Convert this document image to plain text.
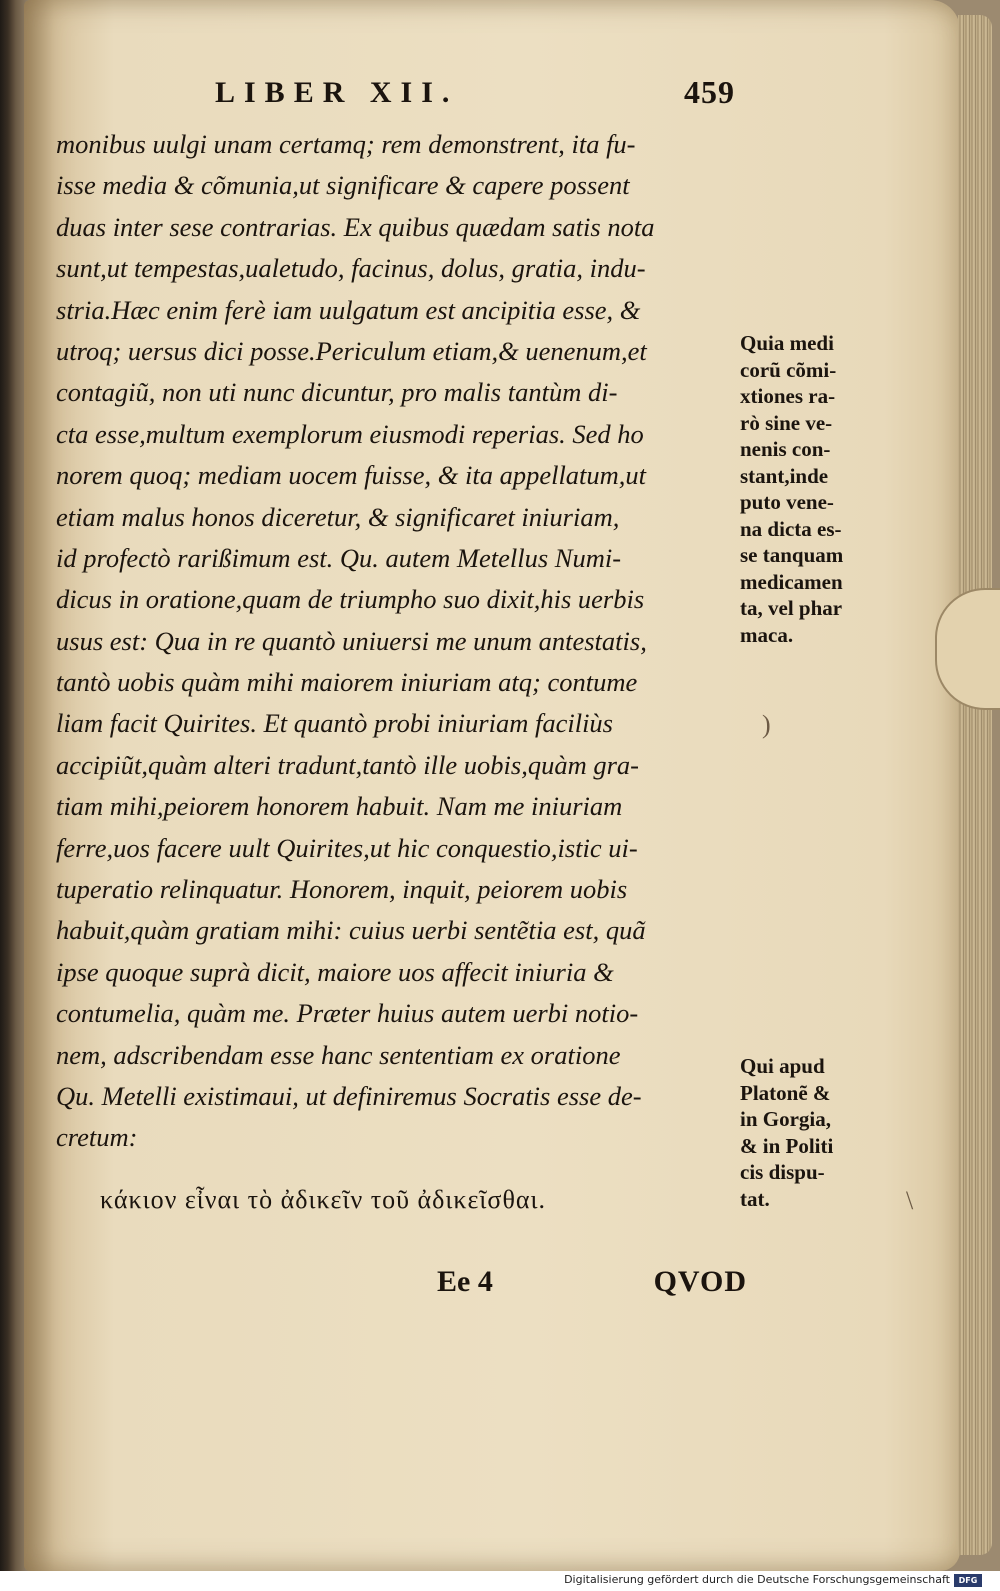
LIBER XII.	459
monibus uulgi unam certamq; rem demonstrent, ita fu-
isse media & cõmunia,ut significare & capere possent
duas inter sese contrarias. Ex quibus quædam satis nota
sunt,ut tempestas,ualetudo, facinus, dolus, gratia, indu-
stria.Hæc enim ferè iam uulgatum est ancipitia esse, &
utroq; uersus dici posse.Periculum etiam,& uenenum,et
contagiũ, non uti nunc dicuntur, pro malis tantùm di-
cta esse,multum exemplorum eiusmodi reperias. Sed ho
norem quoq; mediam uocem fuisse, & ita appellatum,ut
etiam malus honos diceretur, & significaret iniuriam,
id profectò rarißimum est. Qu. autem Metellus Numi-
dicus in oratione,quam de triumpho suo dixit,his uerbis
usus est: Qua in re quantò uniuersi me unum antestatis,
tantò uobis quàm mihi maiorem iniuriam atq; contume
liam facit Quirites. Et quantò probi iniuriam faciliùs
accipiũt,quàm alteri tradunt,tantò ille uobis,quàm gra-
tiam mihi,peiorem honorem habuit. Nam me iniuriam
ferre,uos facere uult Quirites,ut hic conquestio,istic ui-
tuperatio relinquatur. Honorem, inquit, peiorem uobis
habuit,quàm gratiam mihi: cuius uerbi sentẽtia est, quã
ipse quoque suprà dicit, maiore uos affecit iniuria &
contumelia, quàm me. Præter huius autem uerbi notio-
nem, adscribendam esse hanc sententiam ex oratione
Qu. Metelli existimaui, ut definiremus Socratis esse de-
cretum:
κάκιον εἶναι τὸ ἀδικεῖν τοῦ ἀδικεῖσθαι.
Ee 4	QVOD
Quia medi
corũ cõmi-
xtiones ra-
rò sine ve-
nenis con-
stant,inde
puto vene-
na dicta es-
se tanquam
medicamen
ta, vel phar
maca.
Qui apud
Platonẽ &
in Gorgia,
& in Politi
cis dispu-
tat.
)
\
Digitalisierung gefördert durch die Deutsche Forschungsgemeinschaft	DFG
